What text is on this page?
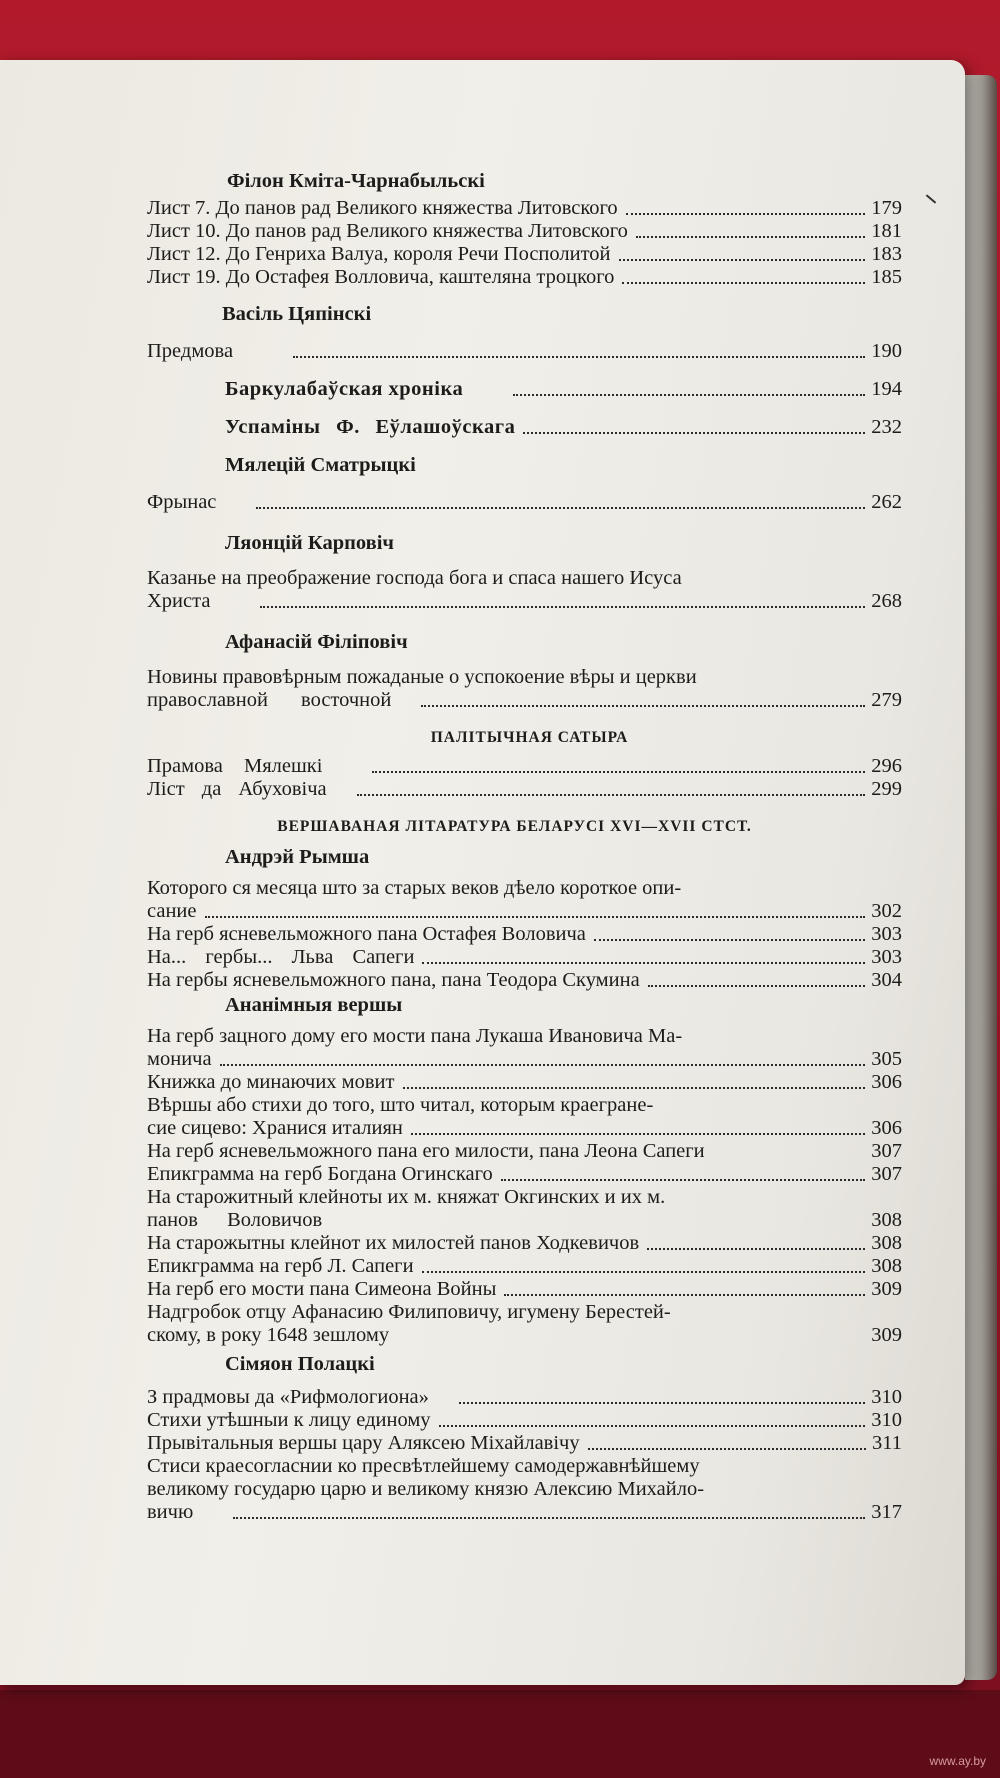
Фiлон Кмiта-Чарнабыльскi
Лист 7. До панов рад Великого княжества Литовского	179
Лист 10. До панов рад Великого княжества Литовского	181
Лист 12. До Генриха Валуа, короля Речи Посполитой	183
Лист 19. До Остафея Волловича, каштеляна троцкого	185
Васiль Цяпiнскi
Предмова	190
Баркулабаўская хронiка	194
Успамiны Ф. Еўлашоўскага	232
Мялецiй Сматрыцкi
Фрынас	262
Ляонцiй Карповiч
Казанье на преображение господа бога и спаса нашего Исуса
Христа	268
Афанасiй Фiлiповiч
Новины правовѣрным пожаданые о успокоение вѣры и церкви
православной восточной	279
ПАЛIТЫЧНАЯ САТЫРА
Прамова Мялешкi	296
Лiст да Абуховiча	299
ВЕРШАВАНАЯ ЛIТАРАТУРА БЕЛАРУСI XVI—XVII СТСТ.
Андрэй Рымша
Которого ся месяца што за старых веков дѣело короткое опи-
сание	302
На герб ясневельможного пана Остафея Воловича	303
На... гербы... Льва Сапеги	303
На гербы ясневельможного пана, пана Теодора Скумина	304
Ананiмныя вершы
На герб зацного дому его мости пана Лукаша Ивановича Ма-
монича	305
Книжка до минаючих мовит	306
Вѣршы або стихи до того, што читал, которым краегране-
сие сицево: Хранися италиян	306
На герб ясневельможного пана его милости, пана Леона Сапеги	307
Епикграмма на герб Богдана Огинскаго	307
На старожитный клейноты их м. княжат Окгинских и их м.
панов Воловичов	308
На старожытны клейнот их милостей панов Ходкевичов	308
Епикграмма на герб Л. Сапеги	308
На герб его мости пана Симеона Войны	309
Надгробок отцу Афанасию Филиповичу, игумену Берестей-
скому, в року 1648 зешлому	309
Сiмяон Полацкi
З прадмовы да «Рифмологиона»	310
Стихи утѣшныи к лицу единому	310
Прывiтальныя вершы цару Аляксею Мiхайлавiчу	311
Стиси краесогласнии ко пресвѣтлейшему самодержавнѣйшему
великому государю царю и великому князю Алексию Михайло-
вичю	317
www.ay.by
